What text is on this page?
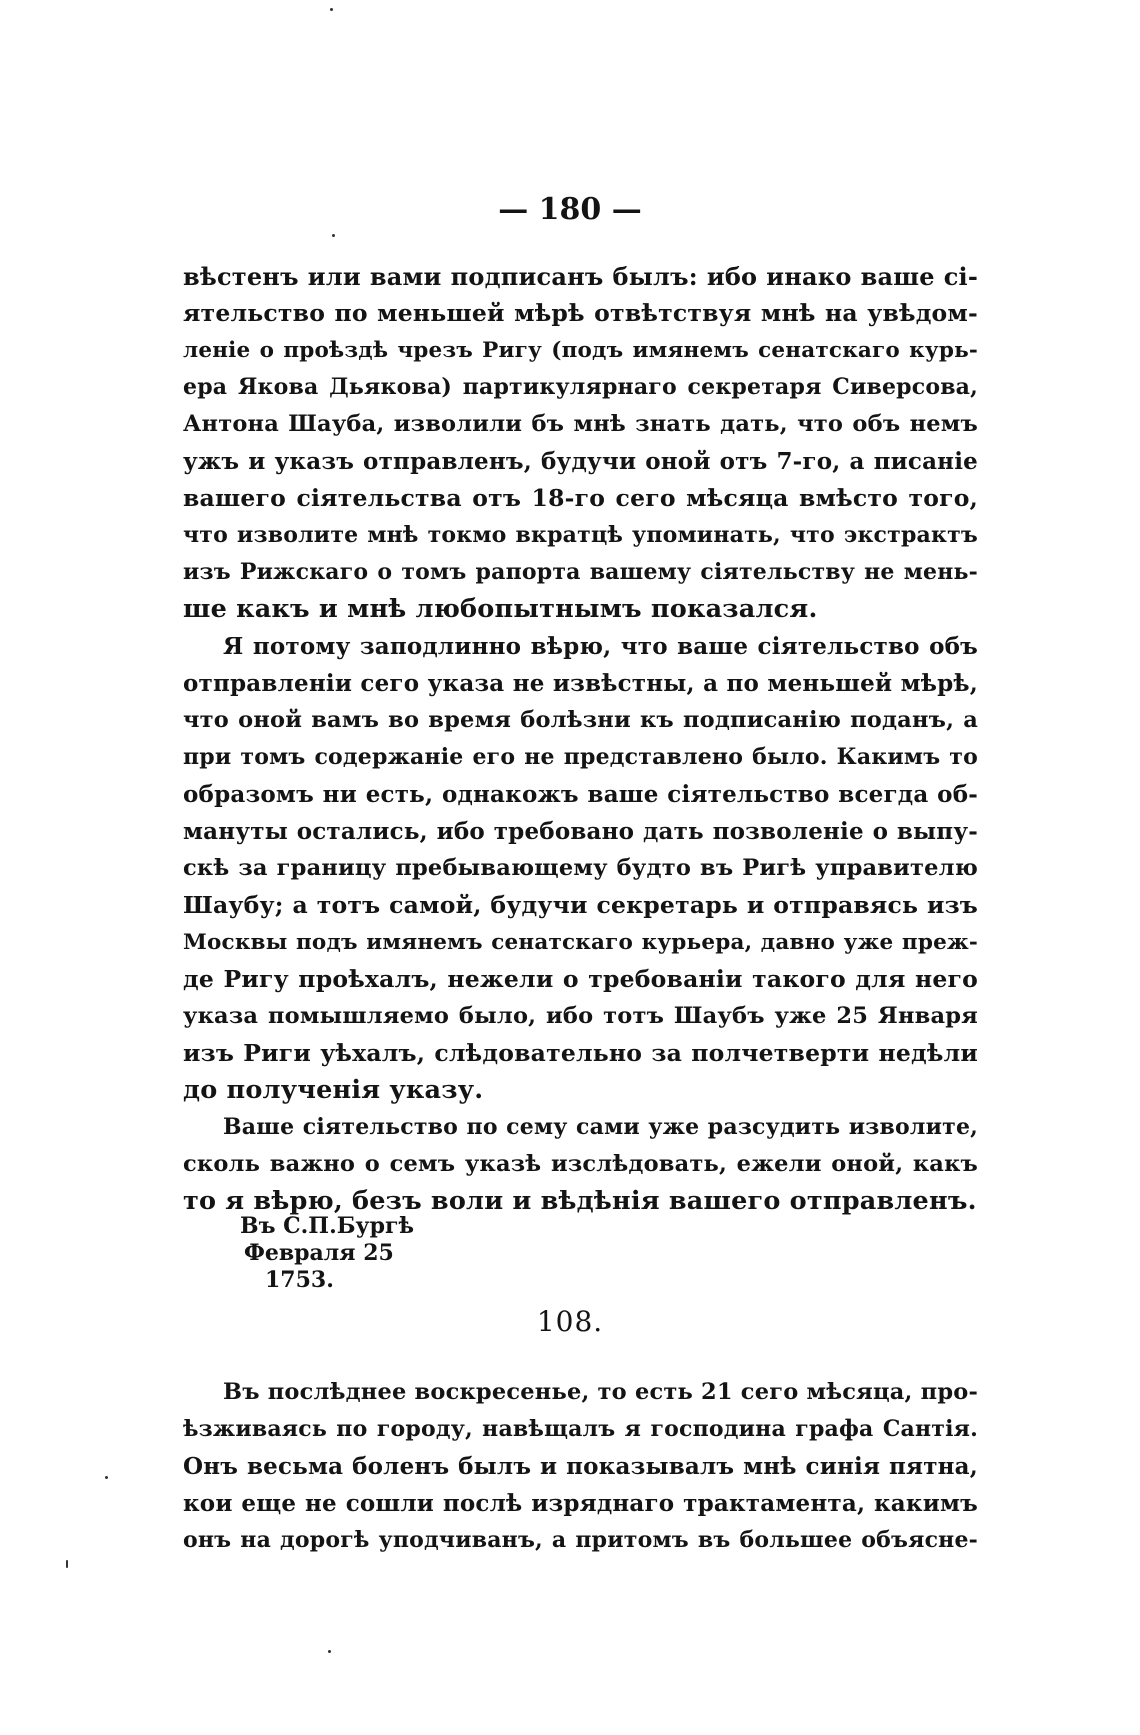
— 180 —
вѣстенъ или вами подписанъ былъ: ибо инако ваше сі-
ятельство по меньшей мѣрѣ отвѣтствуя мнѣ на увѣдом-
леніе о проѣздѣ чрезъ Ригу (подъ имянемъ сенатскаго курь-
ера Якова Дьякова) партикулярнаго секретаря Сиверсова,
Антона Шауба, изволили бъ мнѣ знать дать, что объ немъ
ужъ и указъ отправленъ, будучи оной отъ 7-го, а писаніе
вашего сіятельства отъ 18-го сего мѣсяца вмѣсто того,
что изволите мнѣ токмо вкратцѣ упоминать, что экстрактъ
изъ Рижскаго о томъ рапорта вашему сіятельству не мень-
ше какъ и мнѣ любопытнымъ показался.
Я потому заподлинно вѣрю, что ваше сіятельство объ
отправленіи сего указа не извѣстны, а по меньшей мѣрѣ,
что оной вамъ во время болѣзни къ подписанію поданъ, а
при томъ содержаніе его не представлено было. Какимъ то
образомъ ни есть, однакожъ ваше сіятельство всегда об-
мануты остались, ибо требовано дать позволеніе о выпу-
скѣ за границу пребывающему будто въ Ригѣ управителю
Шаубу; а тотъ самой, будучи секретарь и отправясь изъ
Москвы подъ имянемъ сенатскаго курьера, давно уже преж-
де Ригу проѣхалъ, нежели о требованіи такого для него
указа помышляемо было, ибо тотъ Шаубъ уже 25 Января
изъ Риги уѣхалъ, слѣдовательно за полчетверти недѣли
до полученія указу.
Ваше сіятельство по сему сами уже разсудить изволите,
сколь важно о семъ указѣ изслѣдовать, ежели оной, какъ
то я вѣрю, безъ воли и вѣдѣнія вашего отправленъ.
Въ С.П.Бургѣ
Февраля 25
1753.
108.
Въ послѣднее воскресенье, то есть 21 сего мѣсяца, про-
ѣзживаясь по городу, навѣщалъ я господина графа Сантія.
Онъ весьма боленъ былъ и показывалъ мнѣ синія пятна,
кои еще не сошли послѣ изряднаго трактамента, какимъ
онъ на дорогѣ уподчиванъ, а притомъ въ большее объясне-
